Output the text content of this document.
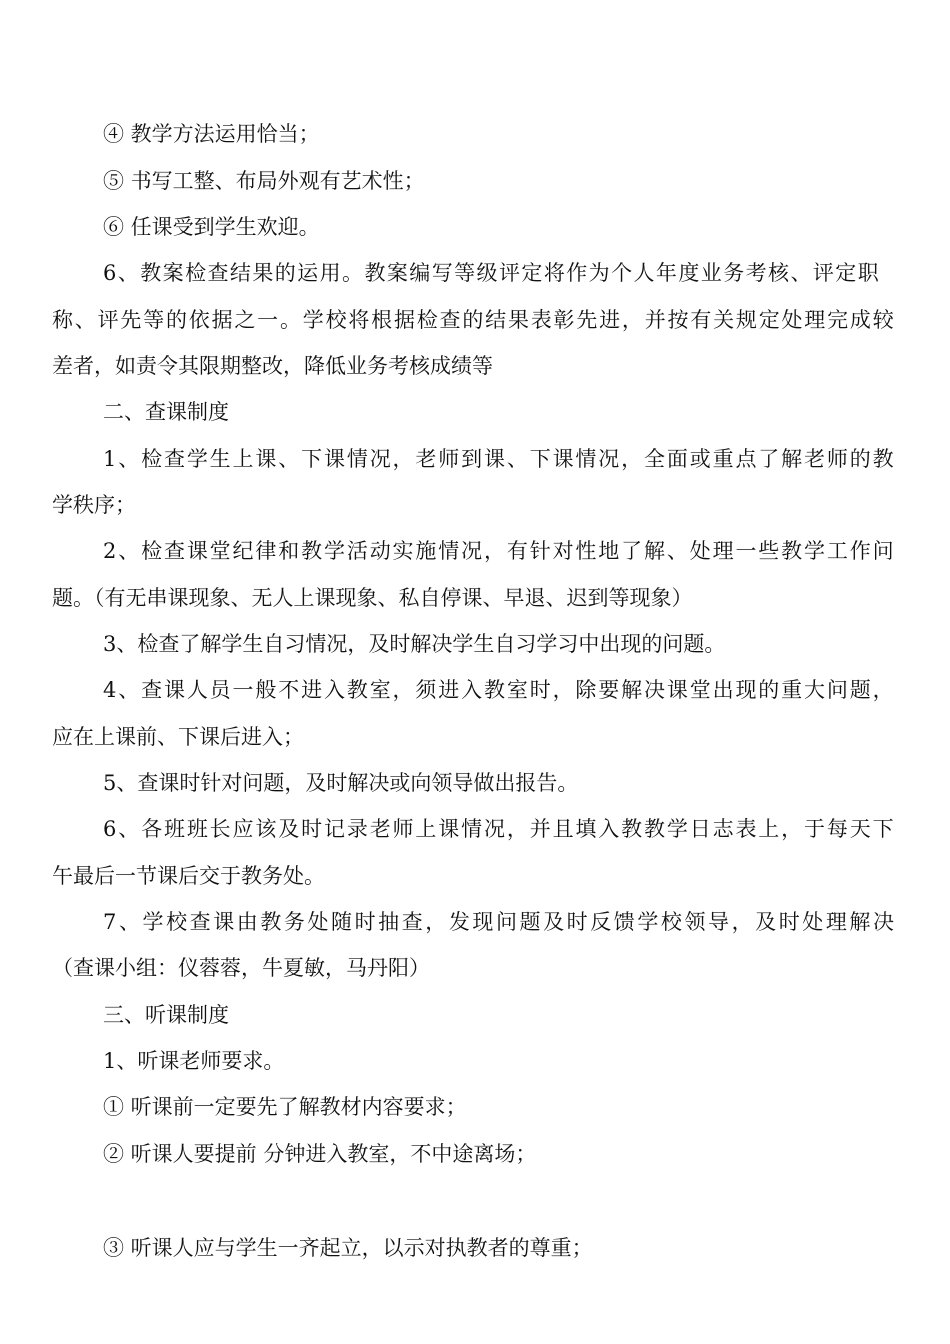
④ 教学方法运用恰当；
⑤ 书写工整、布局外观有艺术性；
⑥ 任课受到学生欢迎。
6 、 教 案 检 查 结 果 的 运 用 。 教 案 编 写 等 级 评 定 将 作 为 个 人 年 度 业 务 考 核 、 评 定 职
称 、 评 先 等 的 依 据 之 一 。 学 校 将 根 据 检 查 的 结 果 表 彰 先 进 ， 并 按 有 关 规 定 处 理 完 成 较
差者，如责令其限期整改，降低业务考核成绩等
二、查课制度
1 、 检 查 学 生 上 课 、 下 课 情 况 ， 老 师 到 课 、 下 课 情 况 ， 全 面 或 重 点 了 解 老 师 的 教
学秩序；
2 、 检 查 课 堂 纪 律 和 教 学 活 动 实 施 情 况 ， 有 针 对 性 地 了 解 、 处 理 一 些 教 学 工 作 问
题。（有无串课现象、无人上课现象、私自停课、早退、迟到等现象）
3、检查了解学生自习情况，及时解决学生自习学习中出现的问题。
4 、 查 课 人 员 一 般 不 进 入 教 室 ， 须 进 入 教 室 时 ， 除 要 解 决 课 堂 出 现 的 重 大 问 题 ，
应在上课前、下课后进入；
5、查课时针对问题，及时解决或向领导做出报告。
6 、 各 班 班 长 应 该 及 时 记 录 老 师 上 课 情 况 ， 并 且 填 入 教 教 学 日 志 表 上 ， 于 每 天 下
午最后一节课后交于教务处。
7 、 学 校 查 课 由 教 务 处 随 时 抽 查 ， 发 现 问 题 及 时 反 馈 学 校 领 导 ， 及 时 处 理 解 决
（查课小组：仪蓉蓉，牛夏敏，马丹阳）
三、听课制度
1、听课老师要求。
① 听课前一定要先了解教材内容要求；
② 听课人要提前 分钟进入教室，不中途离场；
③ 听课人应与学生一齐起立，以示对执教者的尊重；
